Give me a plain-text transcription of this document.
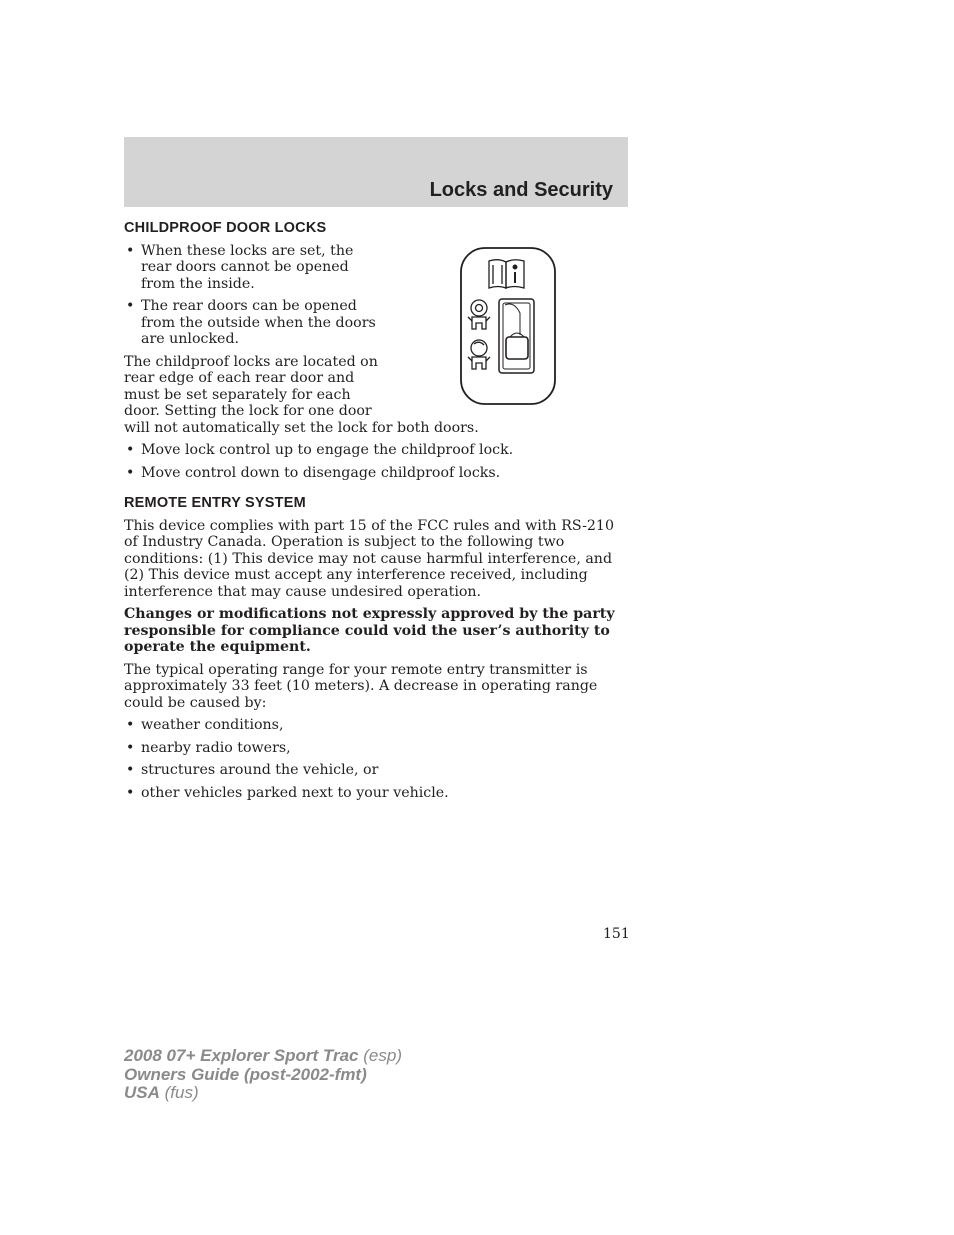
Locks and Security
CHILDPROOF DOOR LOCKS
• When these locks are set, the rear doors cannot be opened from the inside.
• The rear doors can be opened from the outside when the doors are unlocked.

The childproof locks are located on rear edge of each rear door and must be set separately for each door. Setting the lock for one door

will not automatically set the lock for both doors.

• Move lock control up to engage the childproof lock.
• Move control down to disengage childproof locks.
REMOTE ENTRY SYSTEM

This device complies with part 15 of the FCC rules and with RS-210 of Industry Canada. Operation is subject to the following two conditions: (1) This device may not cause harmful interference, and (2) This device must accept any interference received, including interference that may cause undesired operation.

Changes or modifications not expressly approved by the party responsible for compliance could void the user’s authority to operate the equipment.

The typical operating range for your remote entry transmitter is approximately 33 feet (10 meters). A decrease in operating range could be caused by:

• weather conditions,
• nearby radio towers,
• structures around the vehicle, or
• other vehicles parked next to your vehicle.
151
2008 07+ Explorer Sport Trac (esp)
Owners Guide (post-2002-fmt)
USA (fus)
